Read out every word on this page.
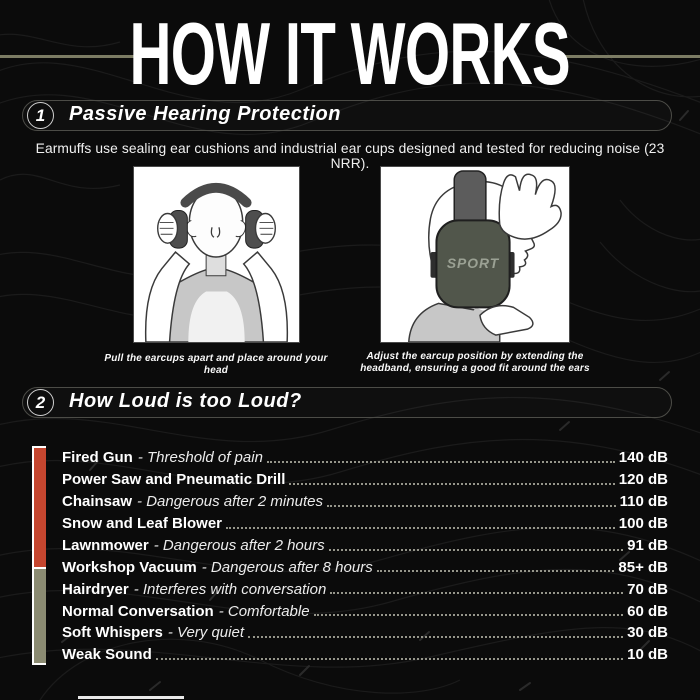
HOW IT WORKS
1	Passive Hearing Protection

Earmuffs use sealing ear cushions and industrial ear cups designed and tested for reducing noise (23 NRR).

SPORT
Pull the earcups apart and place around your head
Adjust the earcup position by extending the headband, ensuring a good fit around the ears
2	How Loud is too Loud?
Fired Gun - Threshold of pain	140 dB
Power Saw and Pneumatic Drill	120 dB
Chainsaw - Dangerous after 2 minutes	110 dB
Snow and Leaf Blower	100 dB
Lawnmower - Dangerous after 2 hours	91 dB
Workshop Vacuum - Dangerous after 8 hours	85+ dB
Hairdryer - Interferes with conversation	70 dB
Normal Conversation - Comfortable	60 dB
Soft Whispers - Very quiet	30 dB
Weak Sound	10 dB
